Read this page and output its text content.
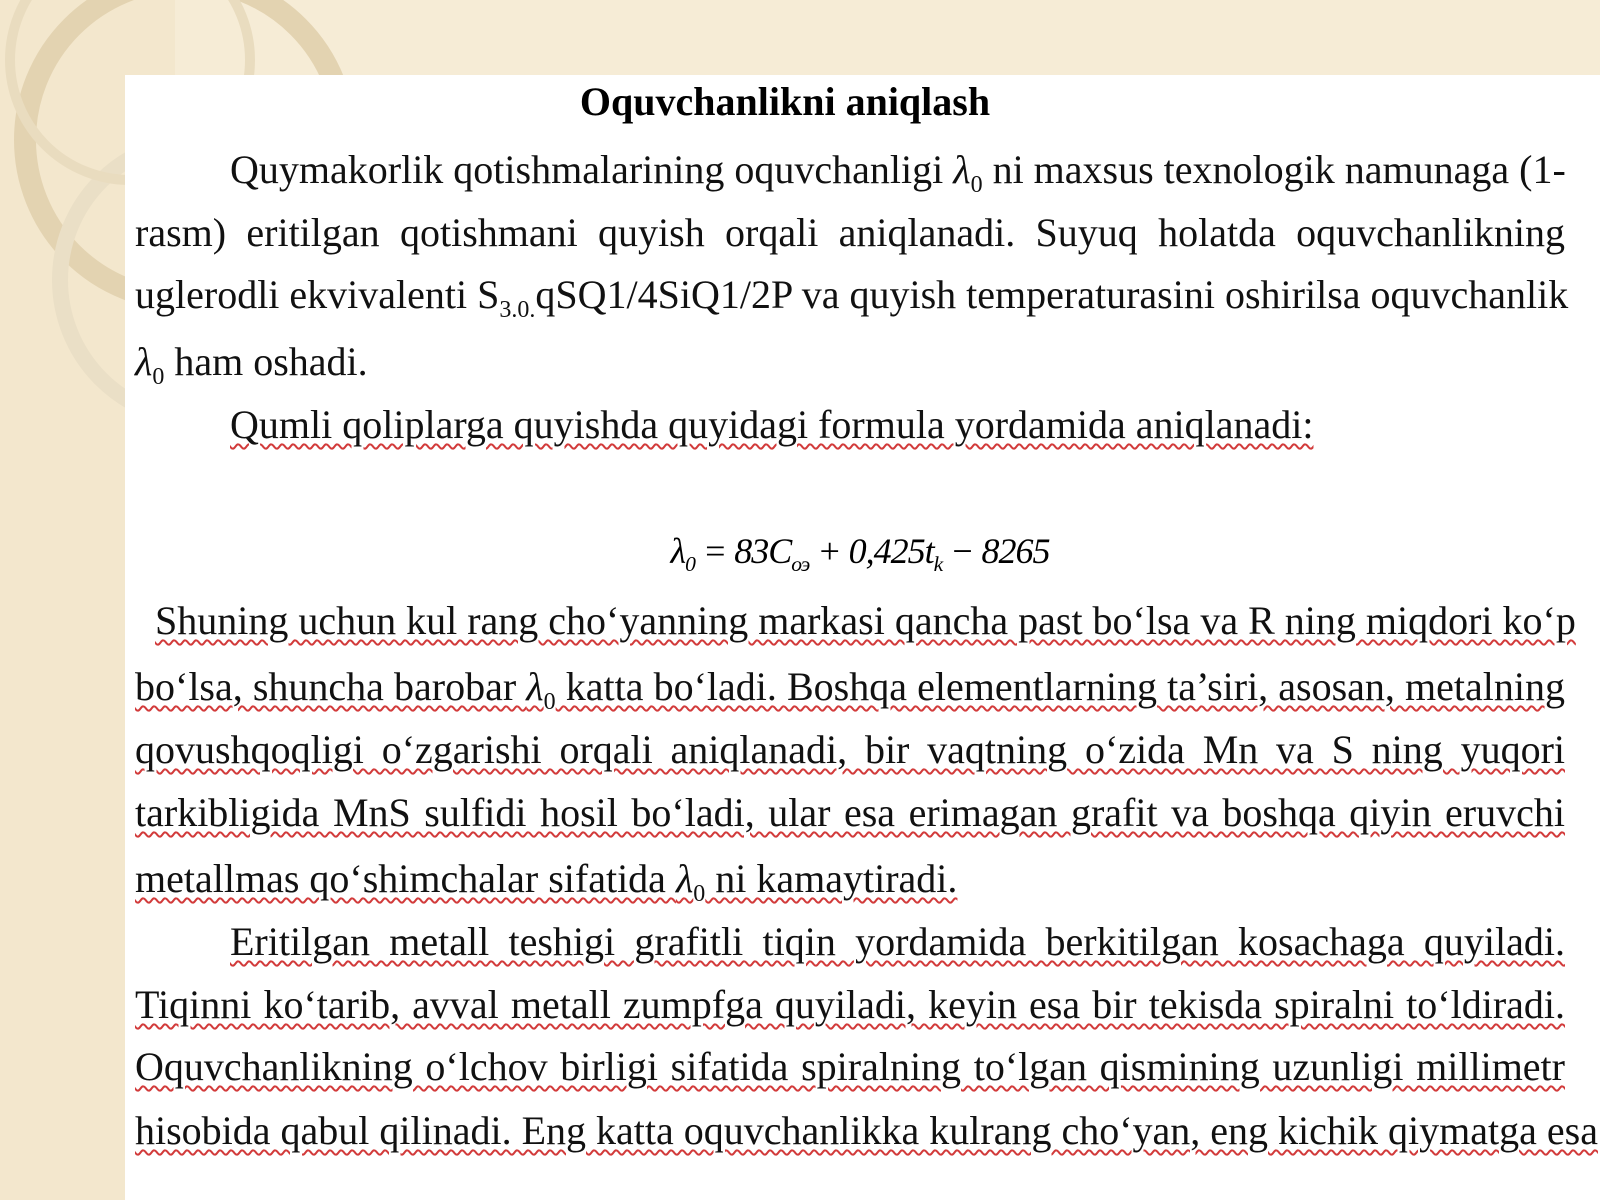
Oquvchanlikni aniqlash
Quymakorlik qotishmalarining oquvchanligi $\lambda_0$ ni maxsus texnologik namunaga (1-
rasm) eritilgan qotishmani quyish orqali aniqlanadi. Suyuq holatda oquvchanlikning
uglerodli ekvivalenti $S_{3.0.}qSQ1/4SiQ1/2P$ va quyish temperaturasini oshirilsa oquvchanlik
$\lambda_0$ ham oshadi.
Qumli qoliplarga quyishda quyidagi formula yordamida aniqlanadi:
$\lambda_0 = 83C_{оэ} + 0,425t_k - 8265$
Shuning uchun kul rang cho‘yanning markasi qancha past bo‘lsa va R ning miqdori ko‘p
bo‘lsa, shuncha barobar $\lambda_0$ katta bo‘ladi. Boshqa elementlarning ta’siri, asosan, metalning
qovushqoqligi o‘zgarishi orqali aniqlanadi, bir vaqtning o‘zida Mn va S ning yuqori
tarkibligida MnS sulfidi hosil bo‘ladi, ular esa erimagan grafit va boshqa qiyin eruvchi
metallmas qo‘shimchalar sifatida $\lambda_0$ ni kamaytiradi.
Eritilgan metall teshigi grafitli tiqin yordamida berkitilgan kosachaga quyiladi.
Tiqinni ko‘tarib, avval metall zumpfga quyiladi, keyin esa bir tekisda spiralni to‘ldiradi.
Oquvchanlikning o‘lchov birligi sifatida spiralning to‘lgan qismining uzunligi millimetr
hisobida qabul qilinadi. Eng katta oquvchanlikka kulrang cho‘yan, eng kichik qiymatga esa
